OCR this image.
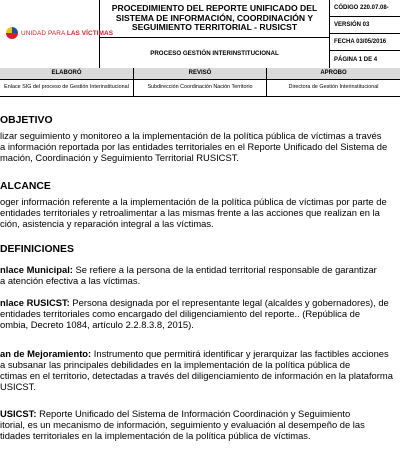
UNIDAD PARA LAS VÍCTIMAS
PROCEDIMIENTO DEL REPORTE UNIFICADO DEL SISTEMA DE INFORMACIÓN, COORDINACIÓN Y SEGUIMIENTO TERRITORIAL - RUSICST
PROCESO GESTIÓN INTERINSTITUCIONAL
CÓDIGO 220.07.08-
VERSIÓN 03
FECHA 03/05/2016
PÁGINA 1 DE 4
ELABORÓ	REVISÓ	APROBO
Enlace SIG del proceso de Gestión Interinstitucional	Subdirección Coordinación Nación Territorio	Directora de Gestión Interinstitucional
OBJETIVO
lizar seguimiento y monitoreo a la implementación de la política pública de víctimas a través
a información reportada por las entidades territoriales en el Reporte Unificado del Sistema de
mación, Coordinación y Seguimiento Territorial RUSICST.
ALCANCE
oger información referente a la implementación de la política pública de víctimas por parte de
entidades territoriales y retroalimentar a las mismas frente a las acciones que realizan en la
ción, asistencia y reparación integral a las víctimas.
DEFINICIONES
nlace Municipal: Se refiere a la persona de la entidad territorial responsable de garantizar
a atención efectiva a las víctimas.
nlace RUSICST: Persona designada por el representante legal (alcaldes y gobernadores), de
entidades territoriales como encargado del diligenciamiento del reporte.. (República de
ombia, Decreto 1084, artículo 2.2.8.3.8, 2015).
an de Mejoramiento: Instrumento que permitirá identificar y jerarquizar las factibles acciones
a subsanar las principales debilidades en la implementación de la política pública de
ctimas en el territorio, detectadas a través del diligenciamiento de información en la plataforma
USICST.
USICST: Reporte Unificado del Sistema de Información Coordinación y Seguimiento
itorial, es un mecanismo de información, seguimiento y evaluación al desempeño de las
tidades territoriales en la implementación de la política pública de víctimas.
